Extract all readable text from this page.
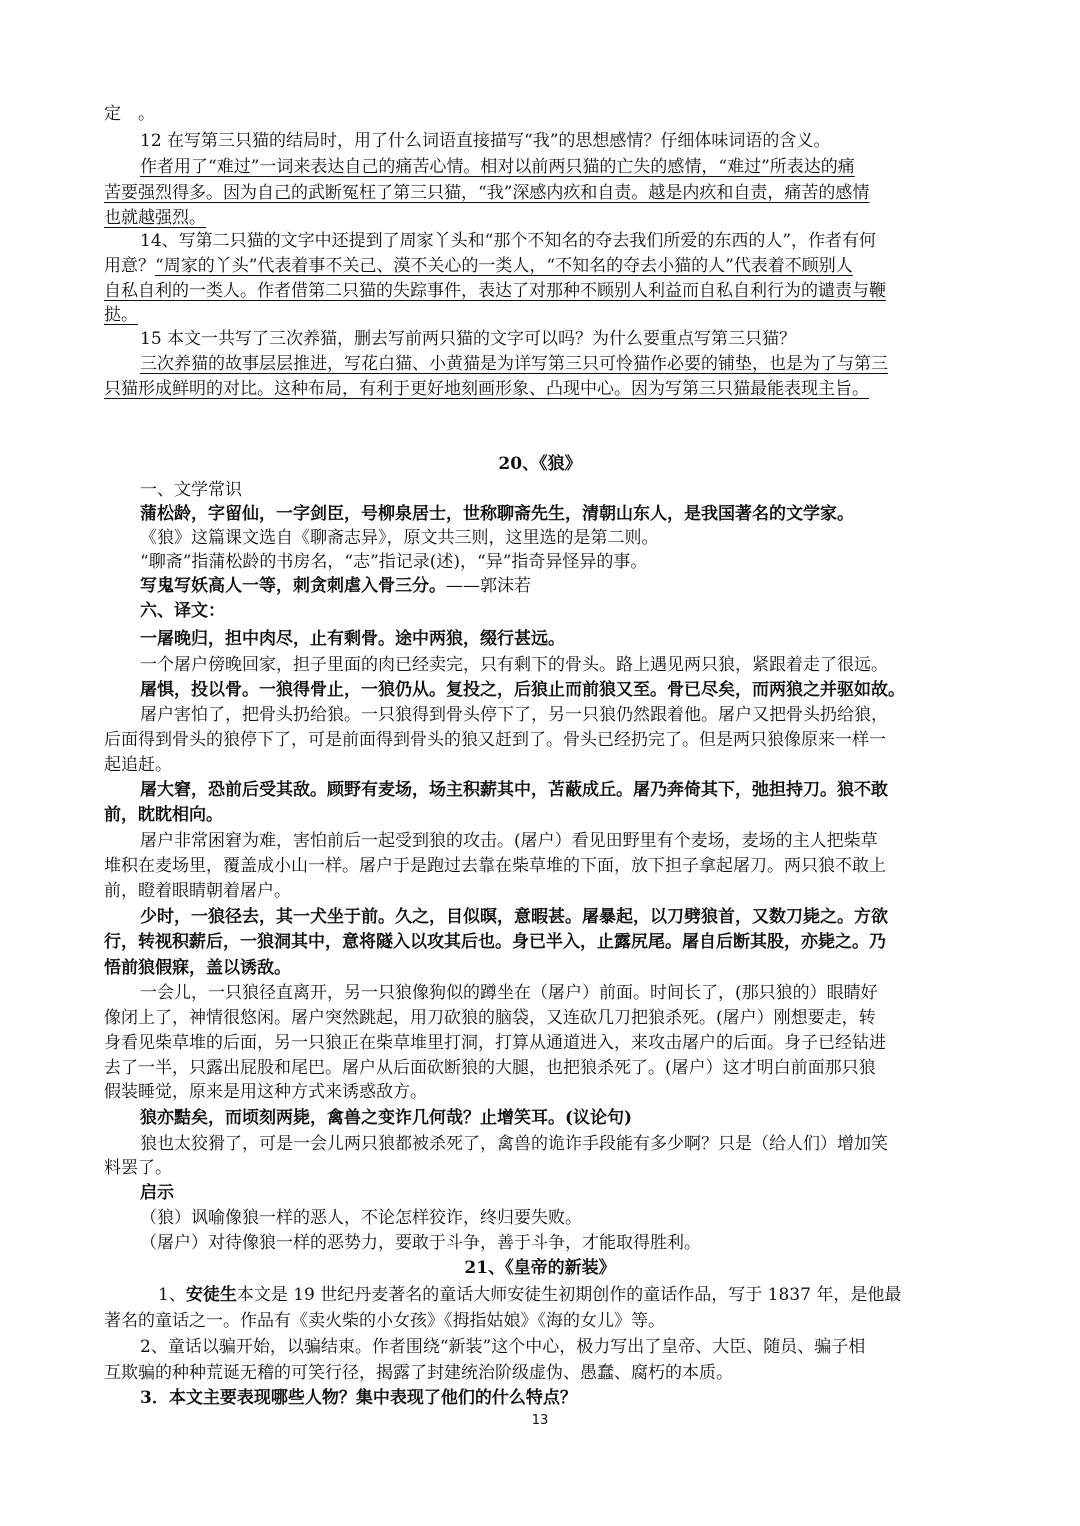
定　。
12 在写第三只猫的结局时，用了什么词语直接描写“我”的思想感情？仔细体味词语的含义。
作者用了“难过”一词来表达自己的痛苦心情。相对以前两只猫的亡失的感情，“难过”所表达的痛
苦要强烈得多。因为自己的武断冤枉了第三只猫，“我”深感内疚和自责。越是内疚和自责，痛苦的感情
也就越强烈。
14、写第二只猫的文字中还提到了周家丫头和“那个不知名的夺去我们所爱的东西的人”，作者有何
用意？“周家的丫头”代表着事不关己、漠不关心的一类人，“不知名的夺去小猫的人”代表着不顾别人
自私自利的一类人。作者借第二只猫的失踪事件，表达了对那种不顾别人利益而自私自利行为的谴责与鞭
挞。
15 本文一共写了三次养猫，删去写前两只猫的文字可以吗？为什么要重点写第三只猫？
三次养猫的故事层层推进，写花白猫、小黄猫是为详写第三只可怜猫作必要的铺垫，也是为了与第三
只猫形成鲜明的对比。这种布局，有利于更好地刻画形象、凸现中心。因为写第三只猫最能表现主旨。
20、《狼》
一、文学常识
蒲松龄，字留仙，一字剑臣，号柳泉居士，世称聊斋先生，清朝山东人，是我国著名的文学家。
《狼》这篇课文选自《聊斋志异》，原文共三则，这里选的是第二则。
“聊斋”指蒲松龄的书房名，“志”指记录(述)，“异”指奇异怪异的事。
写鬼写妖高人一等，刺贪刺虐入骨三分。——郭沫若
六、译文：
一屠晚归，担中肉尽，止有剩骨。途中两狼，缀行甚远。
一个屠户傍晚回家，担子里面的肉已经卖完，只有剩下的骨头。路上遇见两只狼，紧跟着走了很远。
屠惧，投以骨。一狼得骨止，一狼仍从。复投之，后狼止而前狼又至。骨已尽矣，而两狼之并驱如故。
屠户害怕了，把骨头扔给狼。一只狼得到骨头停下了，另一只狼仍然跟着他。屠户又把骨头扔给狼，
后面得到骨头的狼停下了，可是前面得到骨头的狼又赶到了。骨头已经扔完了。但是两只狼像原来一样一
起追赶。
屠大窘，恐前后受其敌。顾野有麦场，场主积薪其中，苫蔽成丘。屠乃奔倚其下，弛担持刀。狼不敢
前，眈眈相向。
屠户非常困窘为难，害怕前后一起受到狼的攻击。(屠户）看见田野里有个麦场，麦场的主人把柴草
堆积在麦场里，覆盖成小山一样。屠户于是跑过去靠在柴草堆的下面，放下担子拿起屠刀。两只狼不敢上
前，瞪着眼睛朝着屠户。
少时，一狼径去，其一犬坐于前。久之，目似暝，意暇甚。屠暴起，以刀劈狼首，又数刀毙之。方欲
行，转视积薪后，一狼洞其中，意将隧入以攻其后也。身已半入，止露尻尾。屠自后断其股，亦毙之。乃
悟前狼假寐，盖以诱敌。
一会儿，一只狼径直离开，另一只狼像狗似的蹲坐在（屠户）前面。时间长了，(那只狼的）眼睛好
像闭上了，神情很悠闲。屠户突然跳起，用刀砍狼的脑袋，又连砍几刀把狼杀死。(屠户）刚想要走，转
身看见柴草堆的后面，另一只狼正在柴草堆里打洞，打算从通道进入，来攻击屠户的后面。身子已经钻进
去了一半，只露出屁股和尾巴。屠户从后面砍断狼的大腿，也把狼杀死了。(屠户）这才明白前面那只狼
假装睡觉，原来是用这种方式来诱惑敌方。
狼亦黠矣，而顷刻两毙，禽兽之变诈几何哉？止增笑耳。(议论句)
狼也太狡猾了，可是一会儿两只狼都被杀死了，禽兽的诡诈手段能有多少啊？只是（给人们）增加笑
料罢了。
启示
（狼）讽喻像狼一样的恶人，不论怎样狡诈，终归要失败。
（屠户）对待像狼一样的恶势力，要敢于斗争，善于斗争，才能取得胜利。
21、《皇帝的新装》
1、安徒生本文是 19 世纪丹麦著名的童话大师安徒生初期创作的童话作品，写于 1837 年，是他最
著名的童话之一。作品有《卖火柴的小女孩》《拇指姑娘》《海的女儿》等。
2、童话以骗开始，以骗结束。作者围绕“新装”这个中心，极力写出了皇帝、大臣、随员、骗子相
互欺骗的种种荒诞无稽的可笑行径，揭露了封建统治阶级虚伪、愚蠢、腐朽的本质。
3．本文主要表现哪些人物？集中表现了他们的什么特点？
13
